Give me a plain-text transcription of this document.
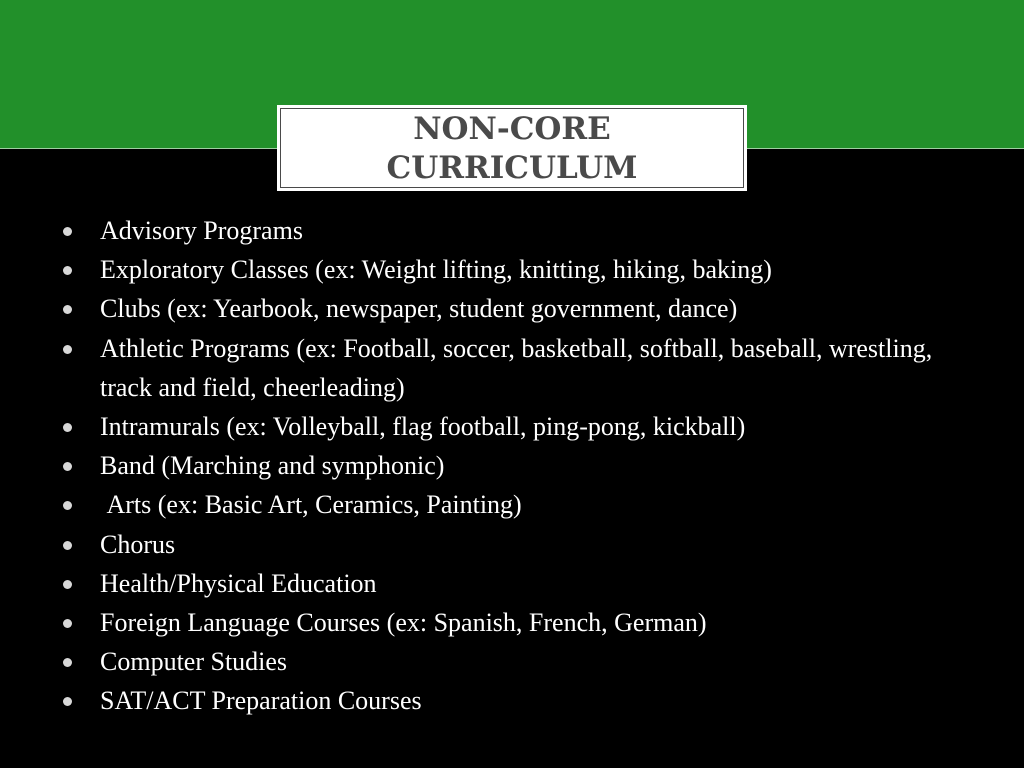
NON-CORE CURRICULUM
Advisory Programs
Exploratory Classes (ex: Weight lifting, knitting, hiking, baking)
Clubs (ex: Yearbook, newspaper, student government, dance)
Athletic Programs (ex: Football, soccer, basketball, softball, baseball, wrestling, track and field, cheerleading)
Intramurals (ex: Volleyball, flag football, ping-pong, kickball)
Band (Marching and symphonic)
Arts (ex: Basic Art, Ceramics, Painting)
Chorus
Health/Physical Education
Foreign Language Courses (ex: Spanish, French, German)
Computer Studies
SAT/ACT Preparation Courses
